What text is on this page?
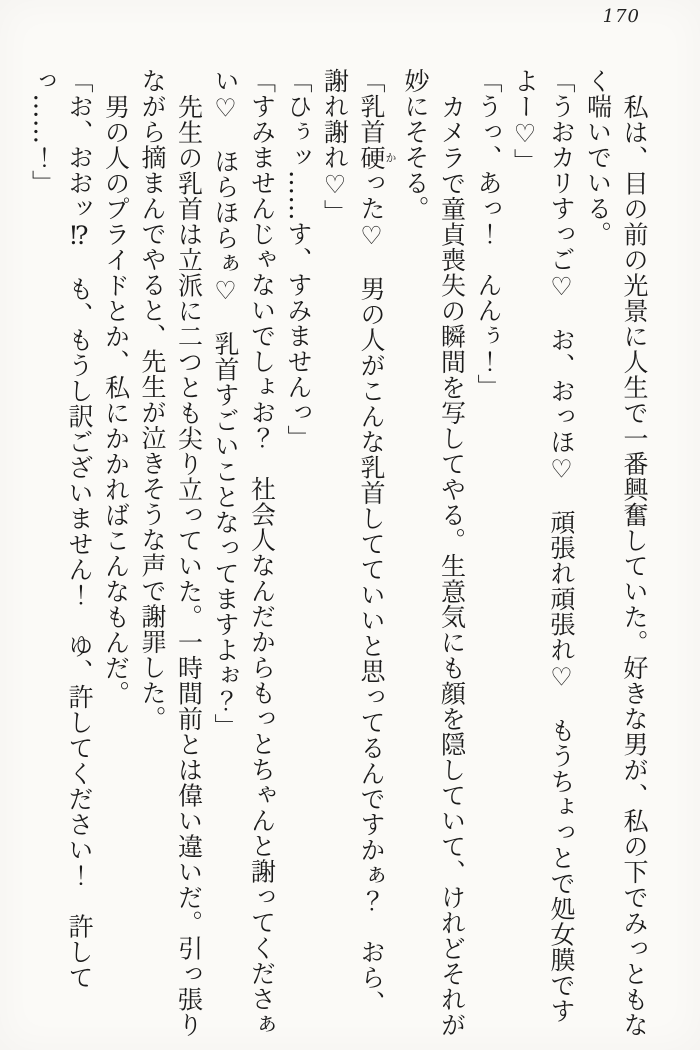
170

私は、目の前の光景に人生で一番興奮していた。好きな男が、私の下でみっともなく喘いでいる。

「うおカリすっご♡　お、おっほ♡　頑張れ頑張れ♡　もうちょっとで処女膜ですよー♡」

「うっ、あっ！　んんぅ！」

カメラで童貞喪失の瞬間を写してやる。生意気にも顔を隠していて、けれどそれが妙にそそる。

「乳首硬かった♡　男の人がこんな乳首してていいと思ってるんですかぁ？　おら、謝れ謝れ♡」

「ひぅッ……す、すみませんっ」

「すみませんじゃないでしょお？　社会人なんだからもっとちゃんと謝ってくださぁい♡　ほらほらぁ♡　乳首すごいことなってますよぉ？」

先生の乳首は立派に二つとも尖り立っていた。一時間前とは偉い違いだ。引っ張りながら摘まんでやると、先生が泣きそうな声で謝罪した。

男の人のプライドとか、私にかかればこんなもんだ。

「お、おおッ⁉　も、もうし訳ございません！　ゆ、許してください！　許してっ……！」
